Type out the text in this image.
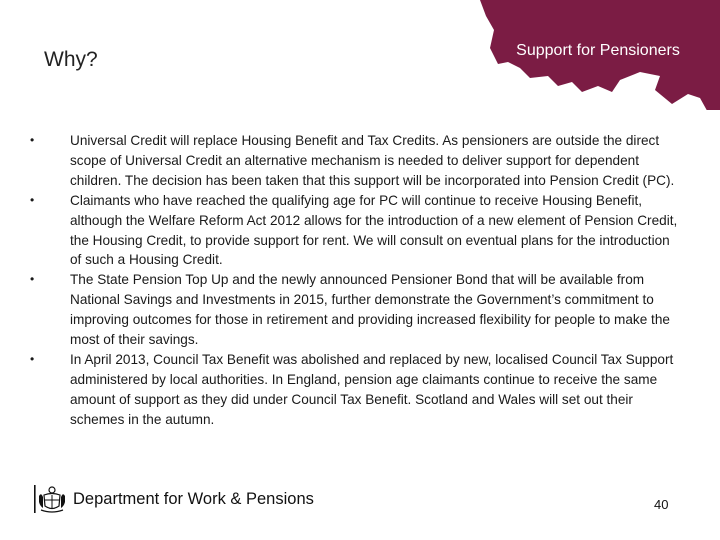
Support for Pensioners
Why?
•	Universal Credit will replace Housing Benefit and Tax Credits. As pensioners are outside the direct scope of Universal Credit an alternative mechanism is needed to deliver support for dependent children. The decision has been taken that this support will be incorporated into Pension Credit (PC).
•	Claimants who have reached the qualifying age for PC will continue to receive Housing Benefit, although the Welfare Reform Act 2012 allows for the introduction of a new element of Pension Credit, the Housing Credit, to provide support for rent. We will consult on eventual plans for the introduction of such a Housing Credit.
•	The State Pension Top Up and the newly announced Pensioner Bond that will be available from National Savings and Investments in 2015, further demonstrate the Government’s commitment to improving outcomes for those in retirement and providing increased flexibility for people to make the most of their savings.
•	In April 2013, Council Tax Benefit was abolished and replaced by new, localised Council Tax Support administered by local authorities. In England, pension age claimants continue to receive the same amount of support as they did under Council Tax Benefit. Scotland and Wales will set out their schemes in the autumn.
Department for Work & Pensions	40
